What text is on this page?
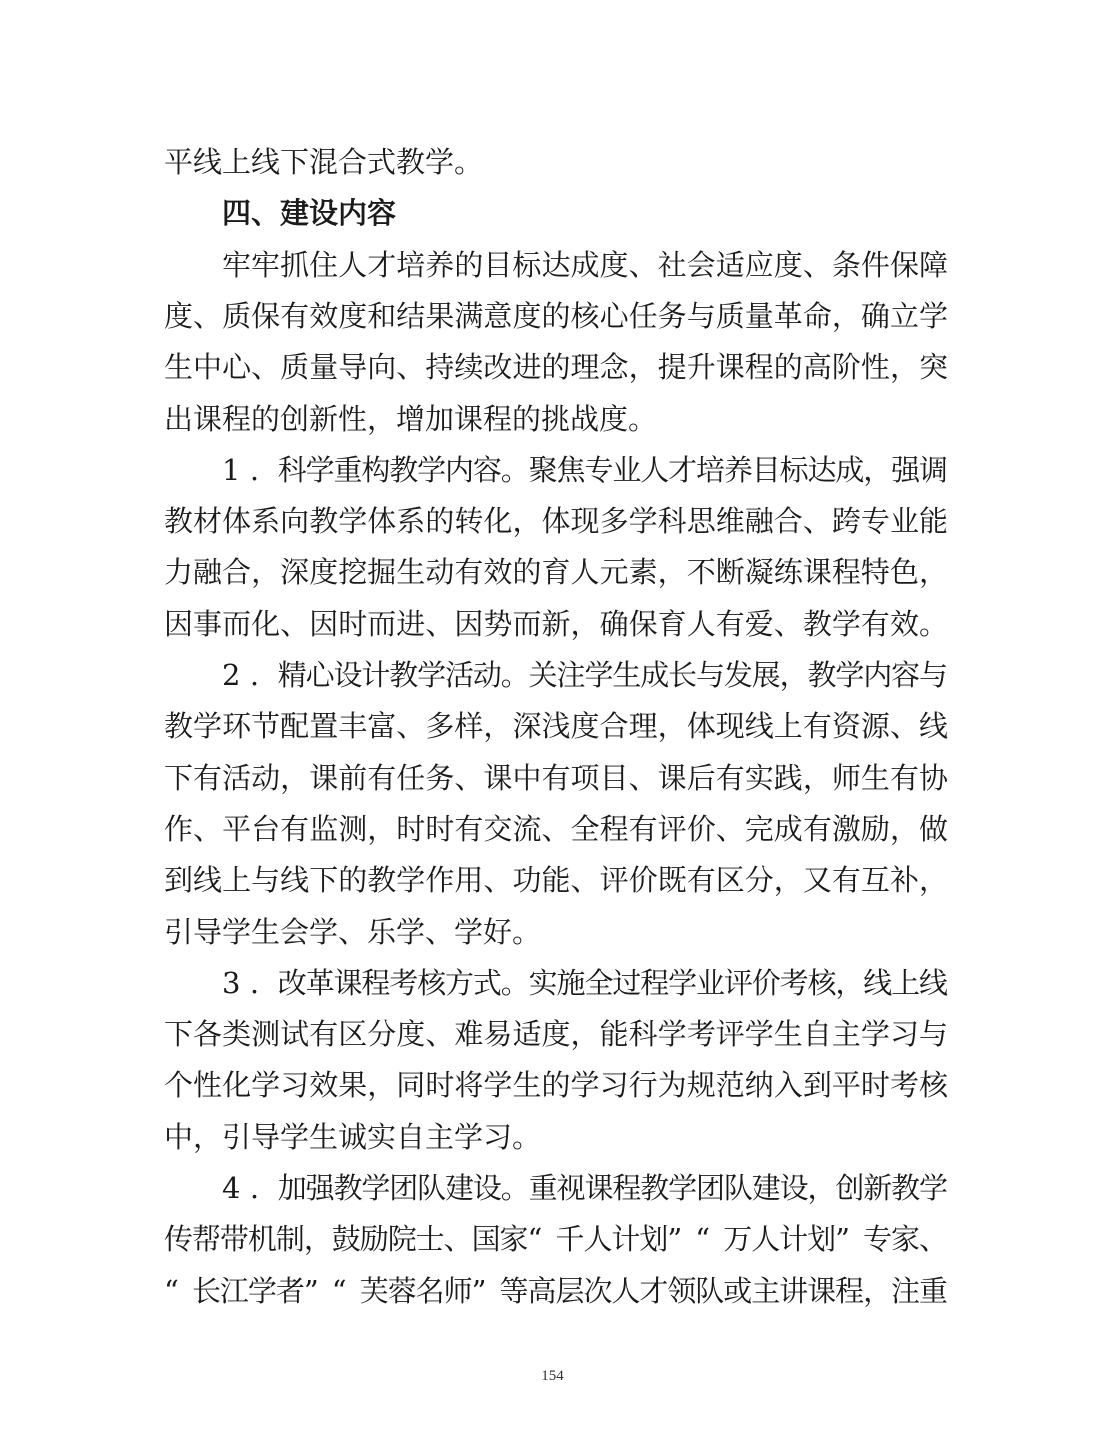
平 线 上 线 下 混 合 式 教 学 。
四 、 建 设 内 容
牢 牢 抓 住 人 才 培 养 的 目 标 达 成 度 、 社 会 适 应 度 、 条 件 保 障
度 、 质 保 有 效 度 和 结 果 满 意 度 的 核 心 任 务 与 质 量 革 命 ， 确 立 学
生 中 心 、 质 量 导 向 、 持 续 改 进 的 理 念 ， 提 升 课 程 的 高 阶 性 ， 突
出 课 程 的 创 新 性 ， 增 加 课 程 的 挑 战 度 。
1 . 科
学
重
构
教
学
内
容
。
聚
焦
专
业
人
才
培
养
目
标
达
成
，
强
调
教 材 体 系 向 教 学 体 系 的 转 化 ， 体 现 多 学 科 思 维 融 合 、 跨 专 业 能
力 融 合 ， 深 度 挖 掘 生 动 有 效 的 育 人 元 素 ， 不 断 凝 练 课 程 特 色 ，
因 事 而 化 、 因 时 而 进 、 因 势 而 新 ， 确 保 育 人 有 爱 、 教 学 有 效 。
2 . 精
心
设
计
教
学
活
动
。
关
注
学
生
成
长
与
发
展
，
教
学
内
容
与
教 学 环 节 配 置 丰 富 、 多 样 ， 深 浅 度 合 理 ， 体 现 线 上 有 资 源 、 线
下 有 活 动 ， 课 前 有 任 务 、 课 中 有 项 目 、 课 后 有 实 践 ， 师 生 有 协
作 、 平 台 有 监 测 ， 时 时 有 交 流 、 全 程 有 评 价 、 完 成 有 激 励 ， 做
到 线 上 与 线 下 的 教 学 作 用 、 功 能 、 评 价 既 有 区 分 ， 又 有 互 补 ，
引 导 学 生 会 学 、 乐 学 、 学 好 。
3 . 改
革
课
程
考
核
方
式
。
实
施
全
过
程
学
业
评
价
考
核
，
线
上
线
下 各 类 测 试 有 区 分 度 、 难 易 适 度 ， 能 科 学 考 评 学 生 自 主 学 习 与
个 性 化 学 习 效 果 ， 同 时 将 学 生 的 学 习 行 为 规 范 纳 入 到 平 时 考 核
中 ， 引 导 学 生 诚 实 自 主 学 习 。
4 . 加
强
教
学
团
队
建
设
。
重
视
课
程
教
学
团
队
建
设
，
创
新
教
学
传
帮
带
机
制
，
鼓
励
院
士
、
国
家
“ 千
人
计
划
” “ 万
人
计
划
” 专
家
、
“ 长
江
学
者
” “ 芙
蓉
名
师
” 等
高
层
次
人
才
领
队
或
主
讲
课
程
，
注
重
154
